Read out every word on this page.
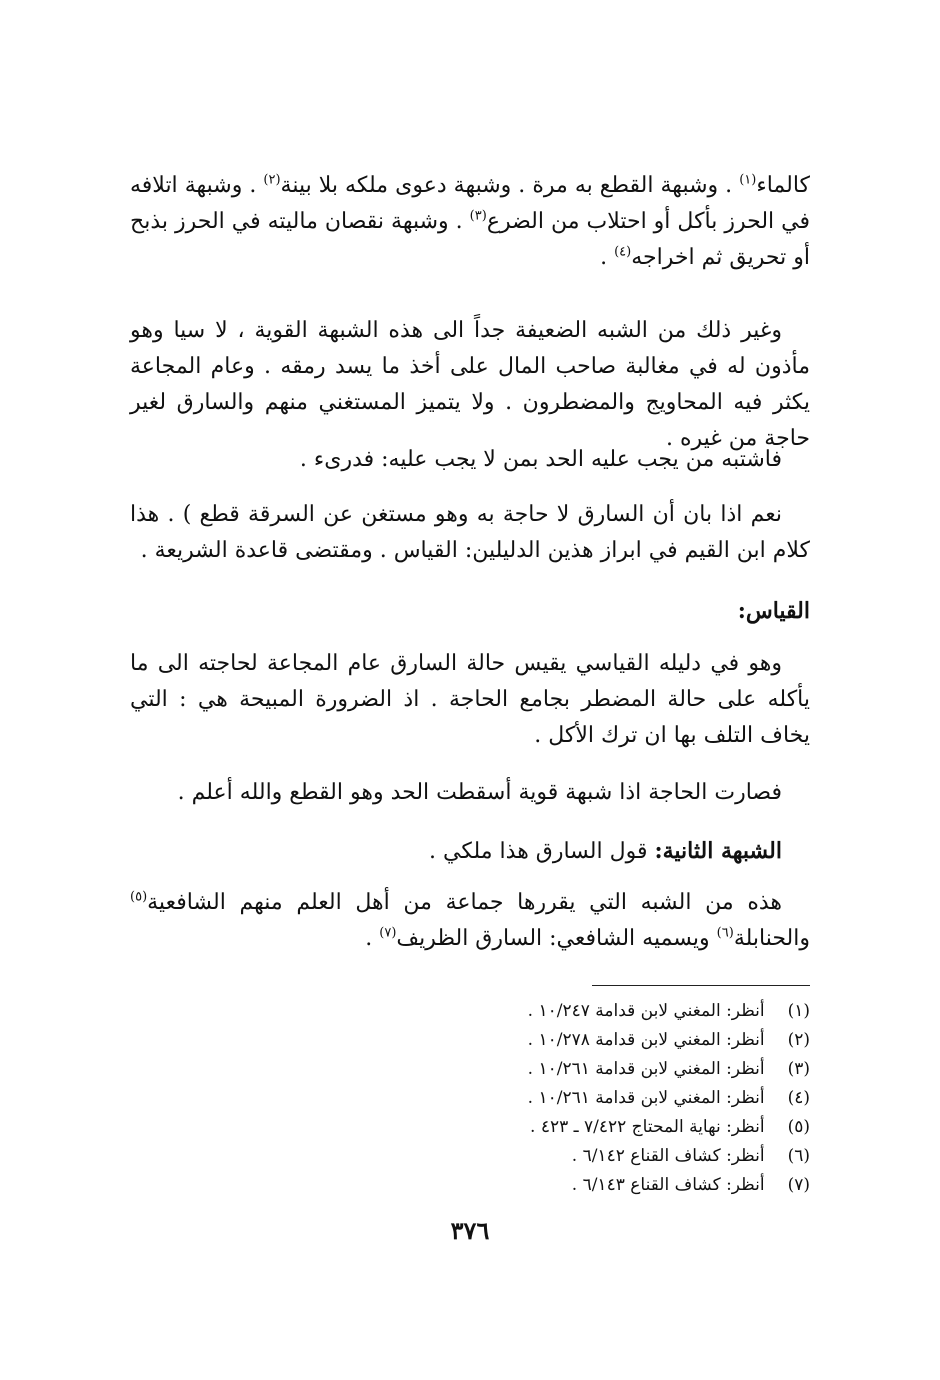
كالماء$^{(١)}$ . وشبهة القطع به مرة . وشبهة دعوى ملكه بلا بينة$^{(٢)}$ . وشبهة اتلافه في الحرز بأكل أو احتلاب من الضرع$^{(٣)}$ . وشبهة نقصان ماليته في الحرز بذبح أو تحريق ثم اخراجه$^{(٤)}$ .

وغير ذلك من الشبه الضعيفة جداً الى هذه الشبهة القوية ، لا سيا وهو مأذون له في مغالبة صاحب المال على أخذ ما يسد رمقه . وعام المجاعة يكثر فيه المحاويج والمضطرون . ولا يتميز المستغني منهم والسارق لغير حاجة من غيره .

فاشتبه من يجب عليه الحد بمن لا يجب عليه: فدرىء .

نعم اذا بان أن السارق لا حاجة به وهو مستغن عن السرقة قطع ) . هذا كلام ابن القيم في ابراز هذين الدليلين: القياس . ومقتضى قاعدة الشريعة .

القياس:

وهو في دليله القياسي يقيس حالة السارق عام المجاعة لحاجته الى ما يأكله على حالة المضطر بجامع الحاجة . اذ الضرورة المبيحة هي : التي يخاف التلف بها ان ترك الأكل .

فصارت الحاجة اذا شبهة قوية أسقطت الحد وهو القطع والله أعلم .

الشبهة الثانية: قول السارق هذا ملكي .

هذه من الشبه التي يقررها جماعة من أهل العلم منهم الشافعية$^{(٥)}$ والحنابلة$^{(٦)}$ ويسميه الشافعي: السارق الظريف$^{(٧)}$ .

(١) أنظر: المغني لابن قدامة ١٠/٢٤٧ .
(٢) أنظر: المغني لابن قدامة ١٠/٢٧٨ .
(٣) أنظر: المغني لابن قدامة ١٠/٢٦١ .
(٤) أنظر: المغني لابن قدامة ١٠/٢٦١ .
(٥) أنظر: نهاية المحتاج ٧/٤٢٢ ـ ٤٢٣ .
(٦) أنظر: كشاف القناع ٦/١٤٢ .
(٧) أنظر: كشاف القناع ٦/١٤٣ .
٣٧٦
